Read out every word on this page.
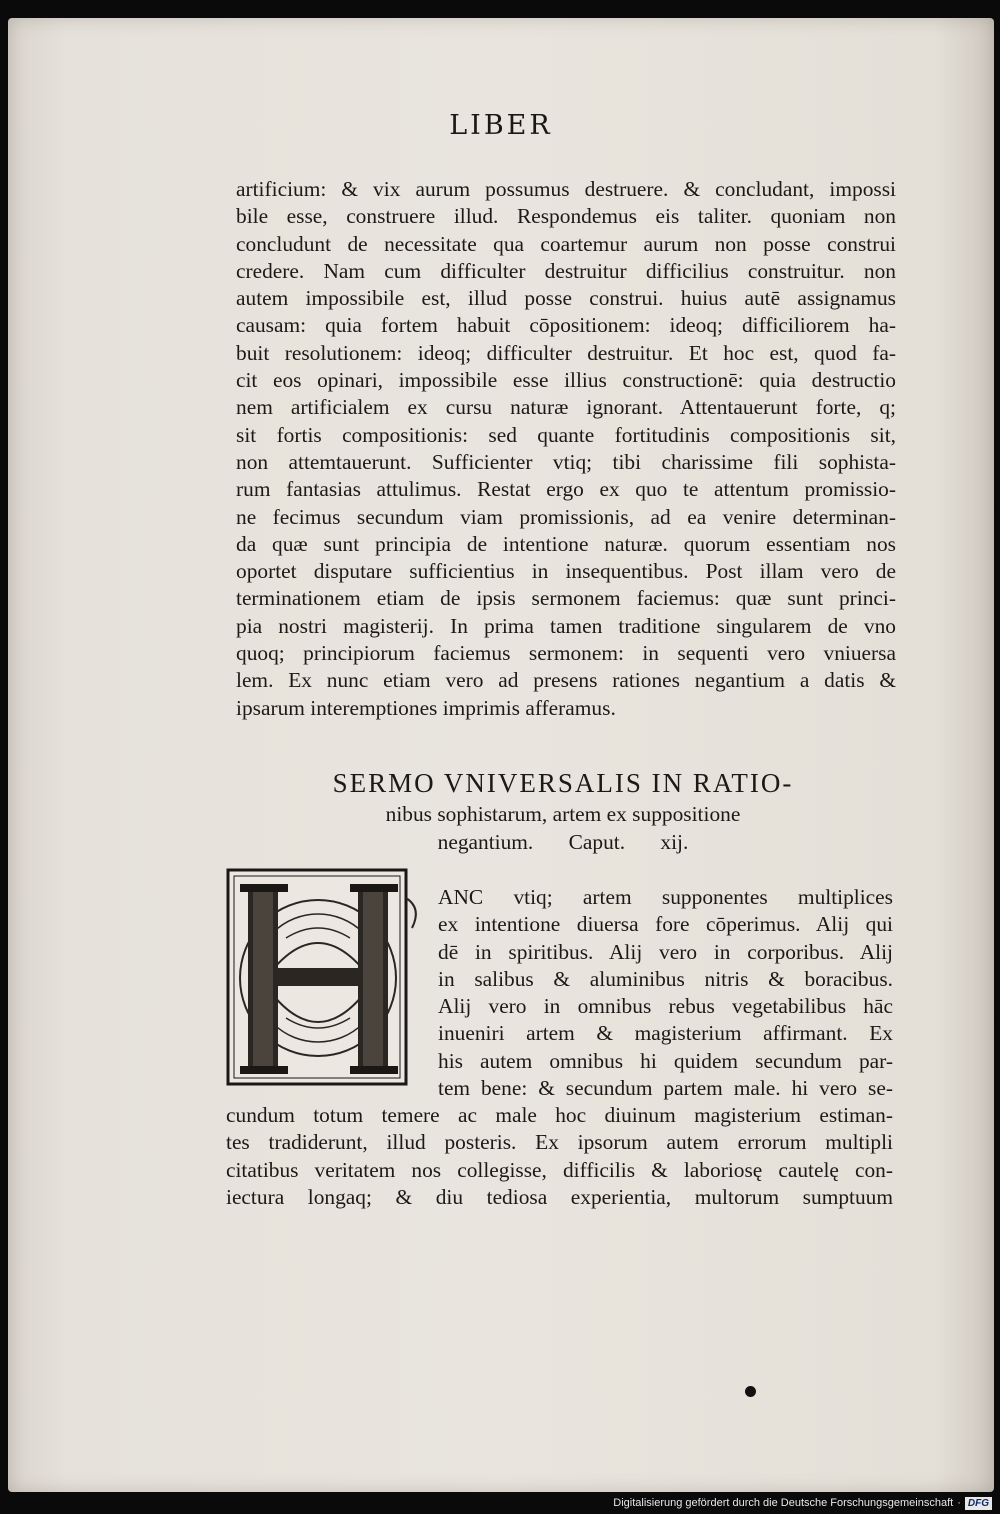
LIBER
artificium: & vix aurum possumus destruere. & concludant, impossi
bile esse, construere illud. Respondemus eis taliter. quoniam non
concludunt de necessitate qua coartemur aurum non posse construi
credere. Nam cum difficulter destruitur difficilius construitur. non
autem impossibile est, illud posse construi. huius autē assignamus
causam: quia fortem habuit cōpositionem: ideoq; difficiliorem ha-
buit resolutionem: ideoq; difficulter destruitur. Et hoc est, quod fa-
cit eos opinari, impossibile esse illius constructionē: quia destructio
nem artificialem ex cursu naturæ ignorant. Attentauerunt forte, q;
sit fortis compositionis: sed quante fortitudinis compositionis sit,
non attemtauerunt. Sufficienter vtiq; tibi charissime fili sophista-
rum fantasias attulimus. Restat ergo ex quo te attentum promissio-
ne fecimus secundum viam promissionis, ad ea venire determinan-
da quæ sunt principia de intentione naturæ. quorum essentiam nos
oportet disputare sufficientius in insequentibus. Post illam vero de
terminationem etiam de ipsis sermonem faciemus: quæ sunt princi-
pia nostri magisterij. In prima tamen traditione singularem de vno
quoq; principiorum faciemus sermonem: in sequenti vero vniuersa
lem. Ex nunc etiam vero ad presens rationes negantium a datis &
ipsarum interemptiones imprimis afferamus.
SERMO VNIVERSALIS IN RATIO-
nibus sophistarum, artem ex suppositione
negantium. Caput. xij.
ANC vtiq; artem supponentes multiplices
ex intentione diuersa fore cōperimus. Alij qui
dē in spiritibus. Alij vero in corporibus. Alij
in salibus & aluminibus nitris & boracibus.
Alij vero in omnibus rebus vegetabilibus hāc
inueniri artem & magisterium affirmant. Ex
his autem omnibus hi quidem secundum par-
tem bene: & secundum partem male. hi vero se-
cundum totum temere ac male hoc diuinum magisterium estiman-
tes tradiderunt, illud posteris. Ex ipsorum autem errorum multipli
citatibus veritatem nos collegisse, difficilis & laboriosę cautelę con-
iectura longaq; & diu tediosa experientia, multorum sumptuum
Digitalisierung gefördert durch die Deutsche Forschungsgemeinschaft · DFG
